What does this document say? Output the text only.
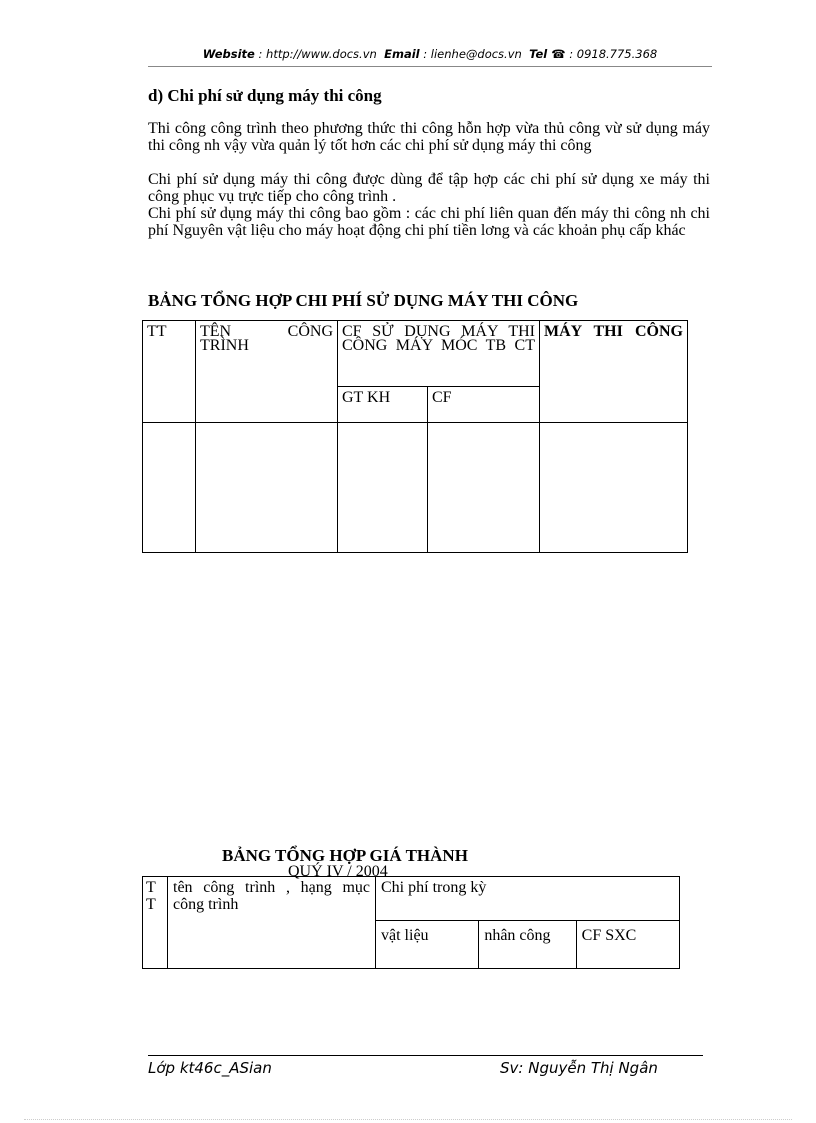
Website : http://www.docs.vn Email : lienhe@docs.vn Tel ☎ : 0918.775.368
d) Chi phí sử dụng máy thi công
Thi công công trình theo phương thức thi công hỗn hợp vừa thủ công vừ sử dụng máy thi công nh vậy vừa quản lý tốt hơn các chi phí sử dụng máy thi công
Chi phí sử dụng máy thi công được dùng để tập hợp các chi phí sử dụng xe máy thi công phục vụ trực tiếp cho công trình .
Chi phí sử dụng máy thi công bao gồm : các chi phí liên quan đến máy thi công nh chi phí Nguyên vật liệu cho máy hoạt động chi phí tiền lơng và các khoản phụ cấp khác
BẢNG TỔNG HỢP CHI PHÍ SỬ DỤNG MÁY THI CÔNG
TT	TÊN CÔNG TRÌNH	CF SỬ DỤNG MÁY THI CÔNG MÁY MÓC TB CT		MÁY THI CÔNG
		GT KH	CF	

BẢNG TỔNG HỢP GIÁ THÀNH
QUÝ IV / 2004
T T	tên công trình , hạng mục công trình	Chi phí trong kỳ		
		vật liệu	nhân công	CF SXC
Lớp kt46c_ASian	Sv: Nguyễn Thị Ngân
